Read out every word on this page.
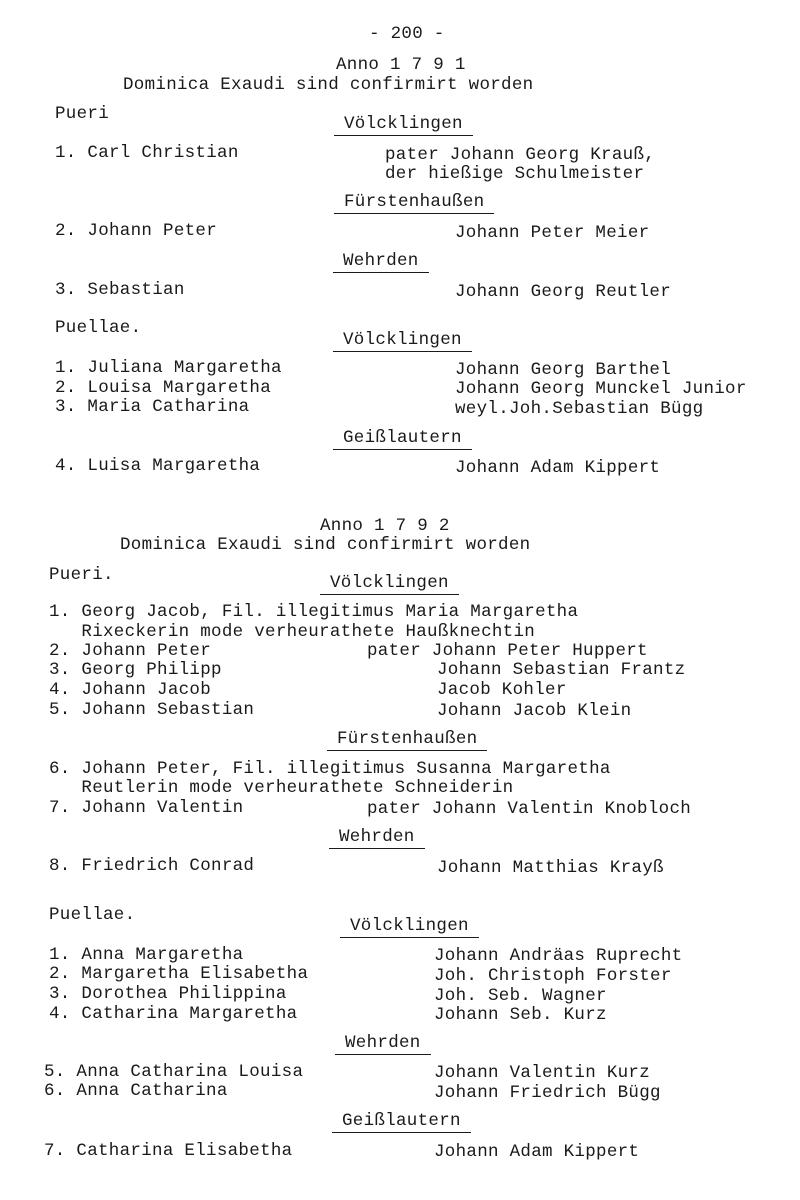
- 200 -
Anno 1 7 9 1
Dominica Exaudi sind confirmirt worden
Pueri	Völcklingen
1. Carl Christian	pater Johann Georg Krauß,
der hießige Schulmeister
Fürstenhaußen
2. Johann Peter	Johann Peter Meier
Wehrden
3. Sebastian	Johann Georg Reutler
Puellae.
Völcklingen
1. Juliana Margaretha	Johann Georg Barthel
2. Louisa Margaretha	Johann Georg Munckel Junior
3. Maria Catharina	weyl.Joh.Sebastian Bügg
Geißlautern
4. Luisa Margaretha	Johann Adam Kippert
Anno 1 7 9 2
Dominica Exaudi sind confirmirt worden
Pueri.	Völcklingen
1. Georg Jacob, Fil. illegitimus Maria Margaretha
Rixeckerin mode verheurathete Haußknechtin
2. Johann Peter	pater Johann Peter Huppert
3. Georg Philipp	Johann Sebastian Frantz
4. Johann Jacob	Jacob Kohler
5. Johann Sebastian	Johann Jacob Klein
Fürstenhaußen
6. Johann Peter, Fil. illegitimus Susanna Margaretha
Reutlerin mode verheurathete Schneiderin
7. Johann Valentin	pater Johann Valentin Knobloch
Wehrden
8. Friedrich Conrad	Johann Matthias Krayß
Puellae.
Völcklingen
1. Anna Margaretha	Johann Andräas Ruprecht
2. Margaretha Elisabetha	Joh. Christoph Forster
3. Dorothea Philippina	Joh. Seb. Wagner
4. Catharina Margaretha	Johann Seb. Kurz
Wehrden
5. Anna Catharina Louisa	Johann Valentin Kurz
6. Anna Catharina	Johann Friedrich Bügg
Geißlautern
7. Catharina Elisabetha	Johann Adam Kippert
